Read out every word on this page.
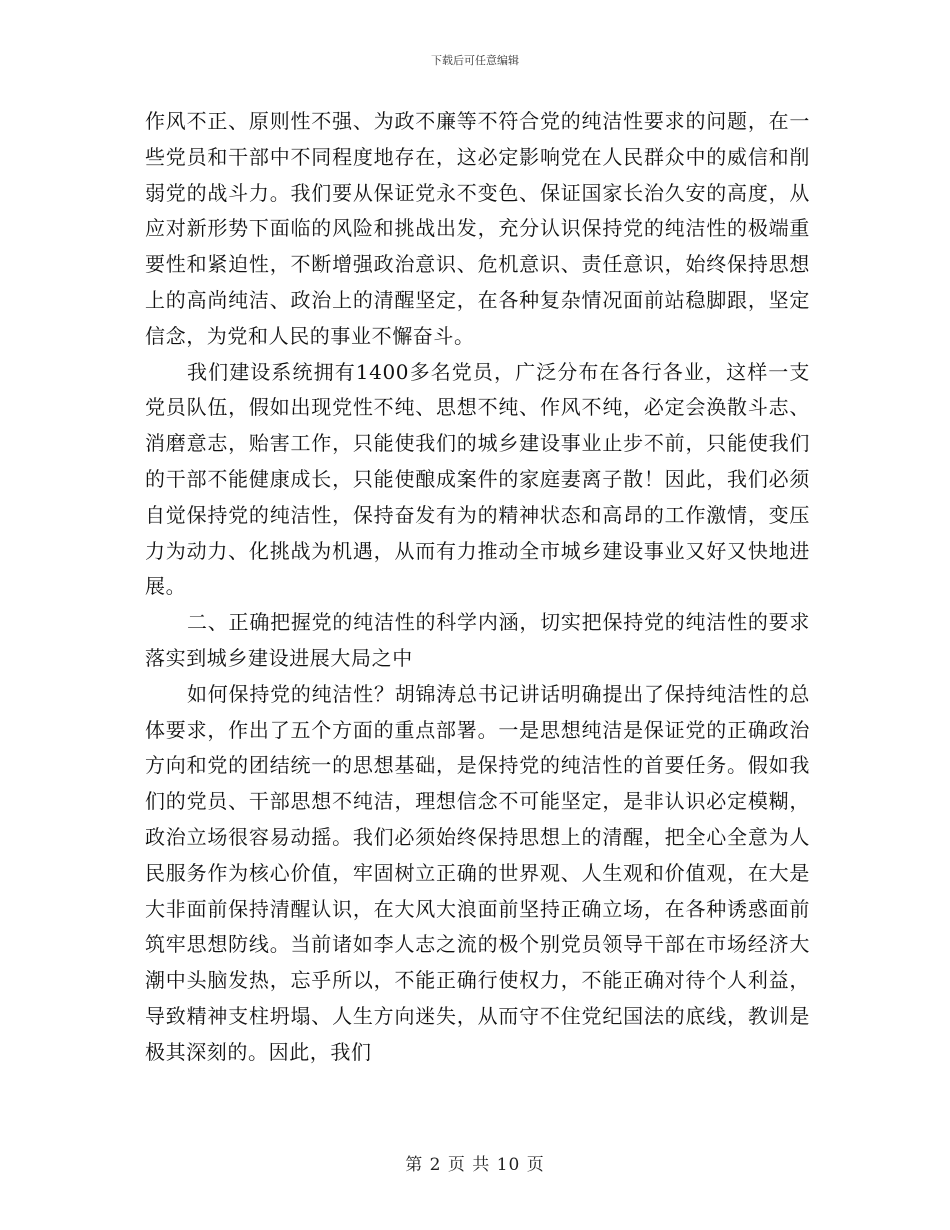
下载后可任意编辑

作风不正、原则性不强、为政不廉等不符合党的纯洁性要求的问题，在一些党员和干部中不同程度地存在，这必定影响党在人民群众中的威信和削弱党的战斗力。我们要从保证党永不变色、保证国家长治久安的高度，从应对新形势下面临的风险和挑战出发，充分认识保持党的纯洁性的极端重要性和紧迫性，不断增强政治意识、危机意识、责任意识，始终保持思想上的高尚纯洁、政治上的清醒坚定，在各种复杂情况面前站稳脚跟，坚定信念，为党和人民的事业不懈奋斗。

我们建设系统拥有1400多名党员，广泛分布在各行各业，这样一支党员队伍，假如出现党性不纯、思想不纯、作风不纯，必定会涣散斗志、消磨意志，贻害工作，只能使我们的城乡建设事业止步不前，只能使我们的干部不能健康成长，只能使酿成案件的家庭妻离子散！因此，我们必须自觉保持党的纯洁性，保持奋发有为的精神状态和高昂的工作激情，变压力为动力、化挑战为机遇，从而有力推动全市城乡建设事业又好又快地进展。

二、正确把握党的纯洁性的科学内涵，切实把保持党的纯洁性的要求落实到城乡建设进展大局之中

如何保持党的纯洁性？胡锦涛总书记讲话明确提出了保持纯洁性的总体要求，作出了五个方面的重点部署。一是思想纯洁是保证党的正确政治方向和党的团结统一的思想基础，是保持党的纯洁性的首要任务。假如我们的党员、干部思想不纯洁，理想信念不可能坚定，是非认识必定模糊，政治立场很容易动摇。我们必须始终保持思想上的清醒，把全心全意为人民服务作为核心价值，牢固树立正确的世界观、人生观和价值观，在大是大非面前保持清醒认识，在大风大浪面前坚持正确立场，在各种诱惑面前筑牢思想防线。当前诸如李人志之流的极个别党员领导干部在市场经济大潮中头脑发热，忘乎所以，不能正确行使权力，不能正确对待个人利益，导致精神支柱坍塌、人生方向迷失，从而守不住党纪国法的底线，教训是极其深刻的。因此，我们

第 2 页 共 10 页
